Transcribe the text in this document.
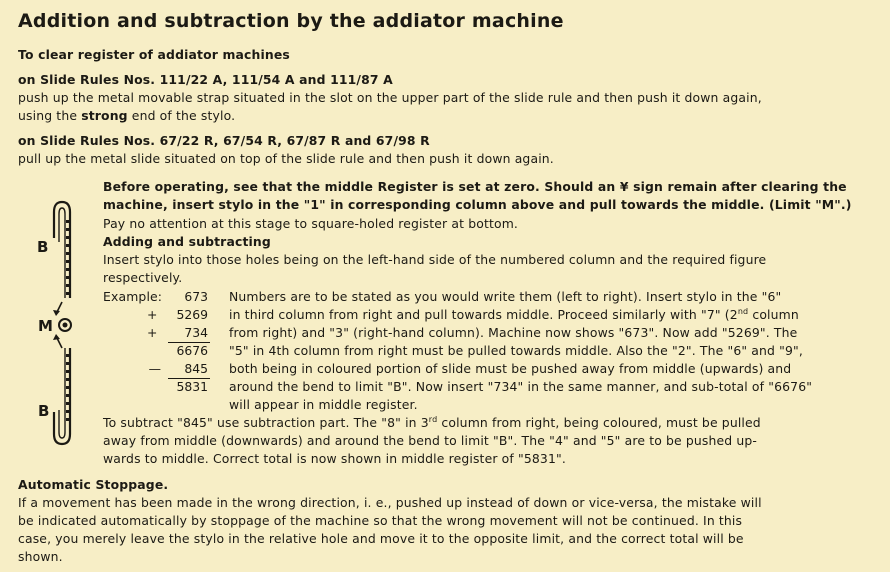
Addition and subtraction by the addiator machine
To clear register of addiator machines
on Slide Rules Nos. 111/22 A, 111/54 A and 111/87 A
push up the metal movable strap situated in the slot on the upper part of the slide rule and then push it down again,
using the strong end of the stylo.
on Slide Rules Nos. 67/22 R, 67/54 R, 67/87 R and 67/98 R
pull up the metal slide situated on top of the slide rule and then push it down again.
Before operating, see that the middle Register is set at zero. Should an ¥ sign remain after clearing the
machine, insert stylo in the "1" in corresponding column above and pull towards the middle. (Limit "M".)
Pay no attention at this stage to square-holed register at bottom.
Adding and subtracting
Insert stylo into those holes being on the left-hand side of the numbered column and the required figure
respectively.
Example:
+
+
—
673
5269
734
6676
845
5831
Numbers are to be stated as you would write them (left to right). Insert stylo in the "6"
in third column from right and pull towards middle. Proceed similarly with "7" (2nd column
from right) and "3" (right-hand column). Machine now shows "673". Now add "5269". The
"5" in 4th column from right must be pulled towards middle. Also the "2". The "6" and "9",
both being in coloured portion of slide must be pushed away from middle (upwards) and
around the bend to limit "B". Now insert "734" in the same manner, and sub-total of "6676"
will appear in middle register.
To subtract "845" use subtraction part. The "8" in 3rd column from right, being coloured, must be pulled
away from middle (downwards) and around the bend to limit "B". The "4" and "5" are to be pushed up-
wards to middle. Correct total is now shown in middle register of "5831".
Automatic Stoppage.
If a movement has been made in the wrong direction, i. e., pushed up instead of down or vice-versa, the mistake will
be indicated automatically by stoppage of the machine so that the wrong movement will not be continued. In this
case, you merely leave the stylo in the relative hole and move it to the opposite limit, and the correct total will be
shown.
B
M
B
